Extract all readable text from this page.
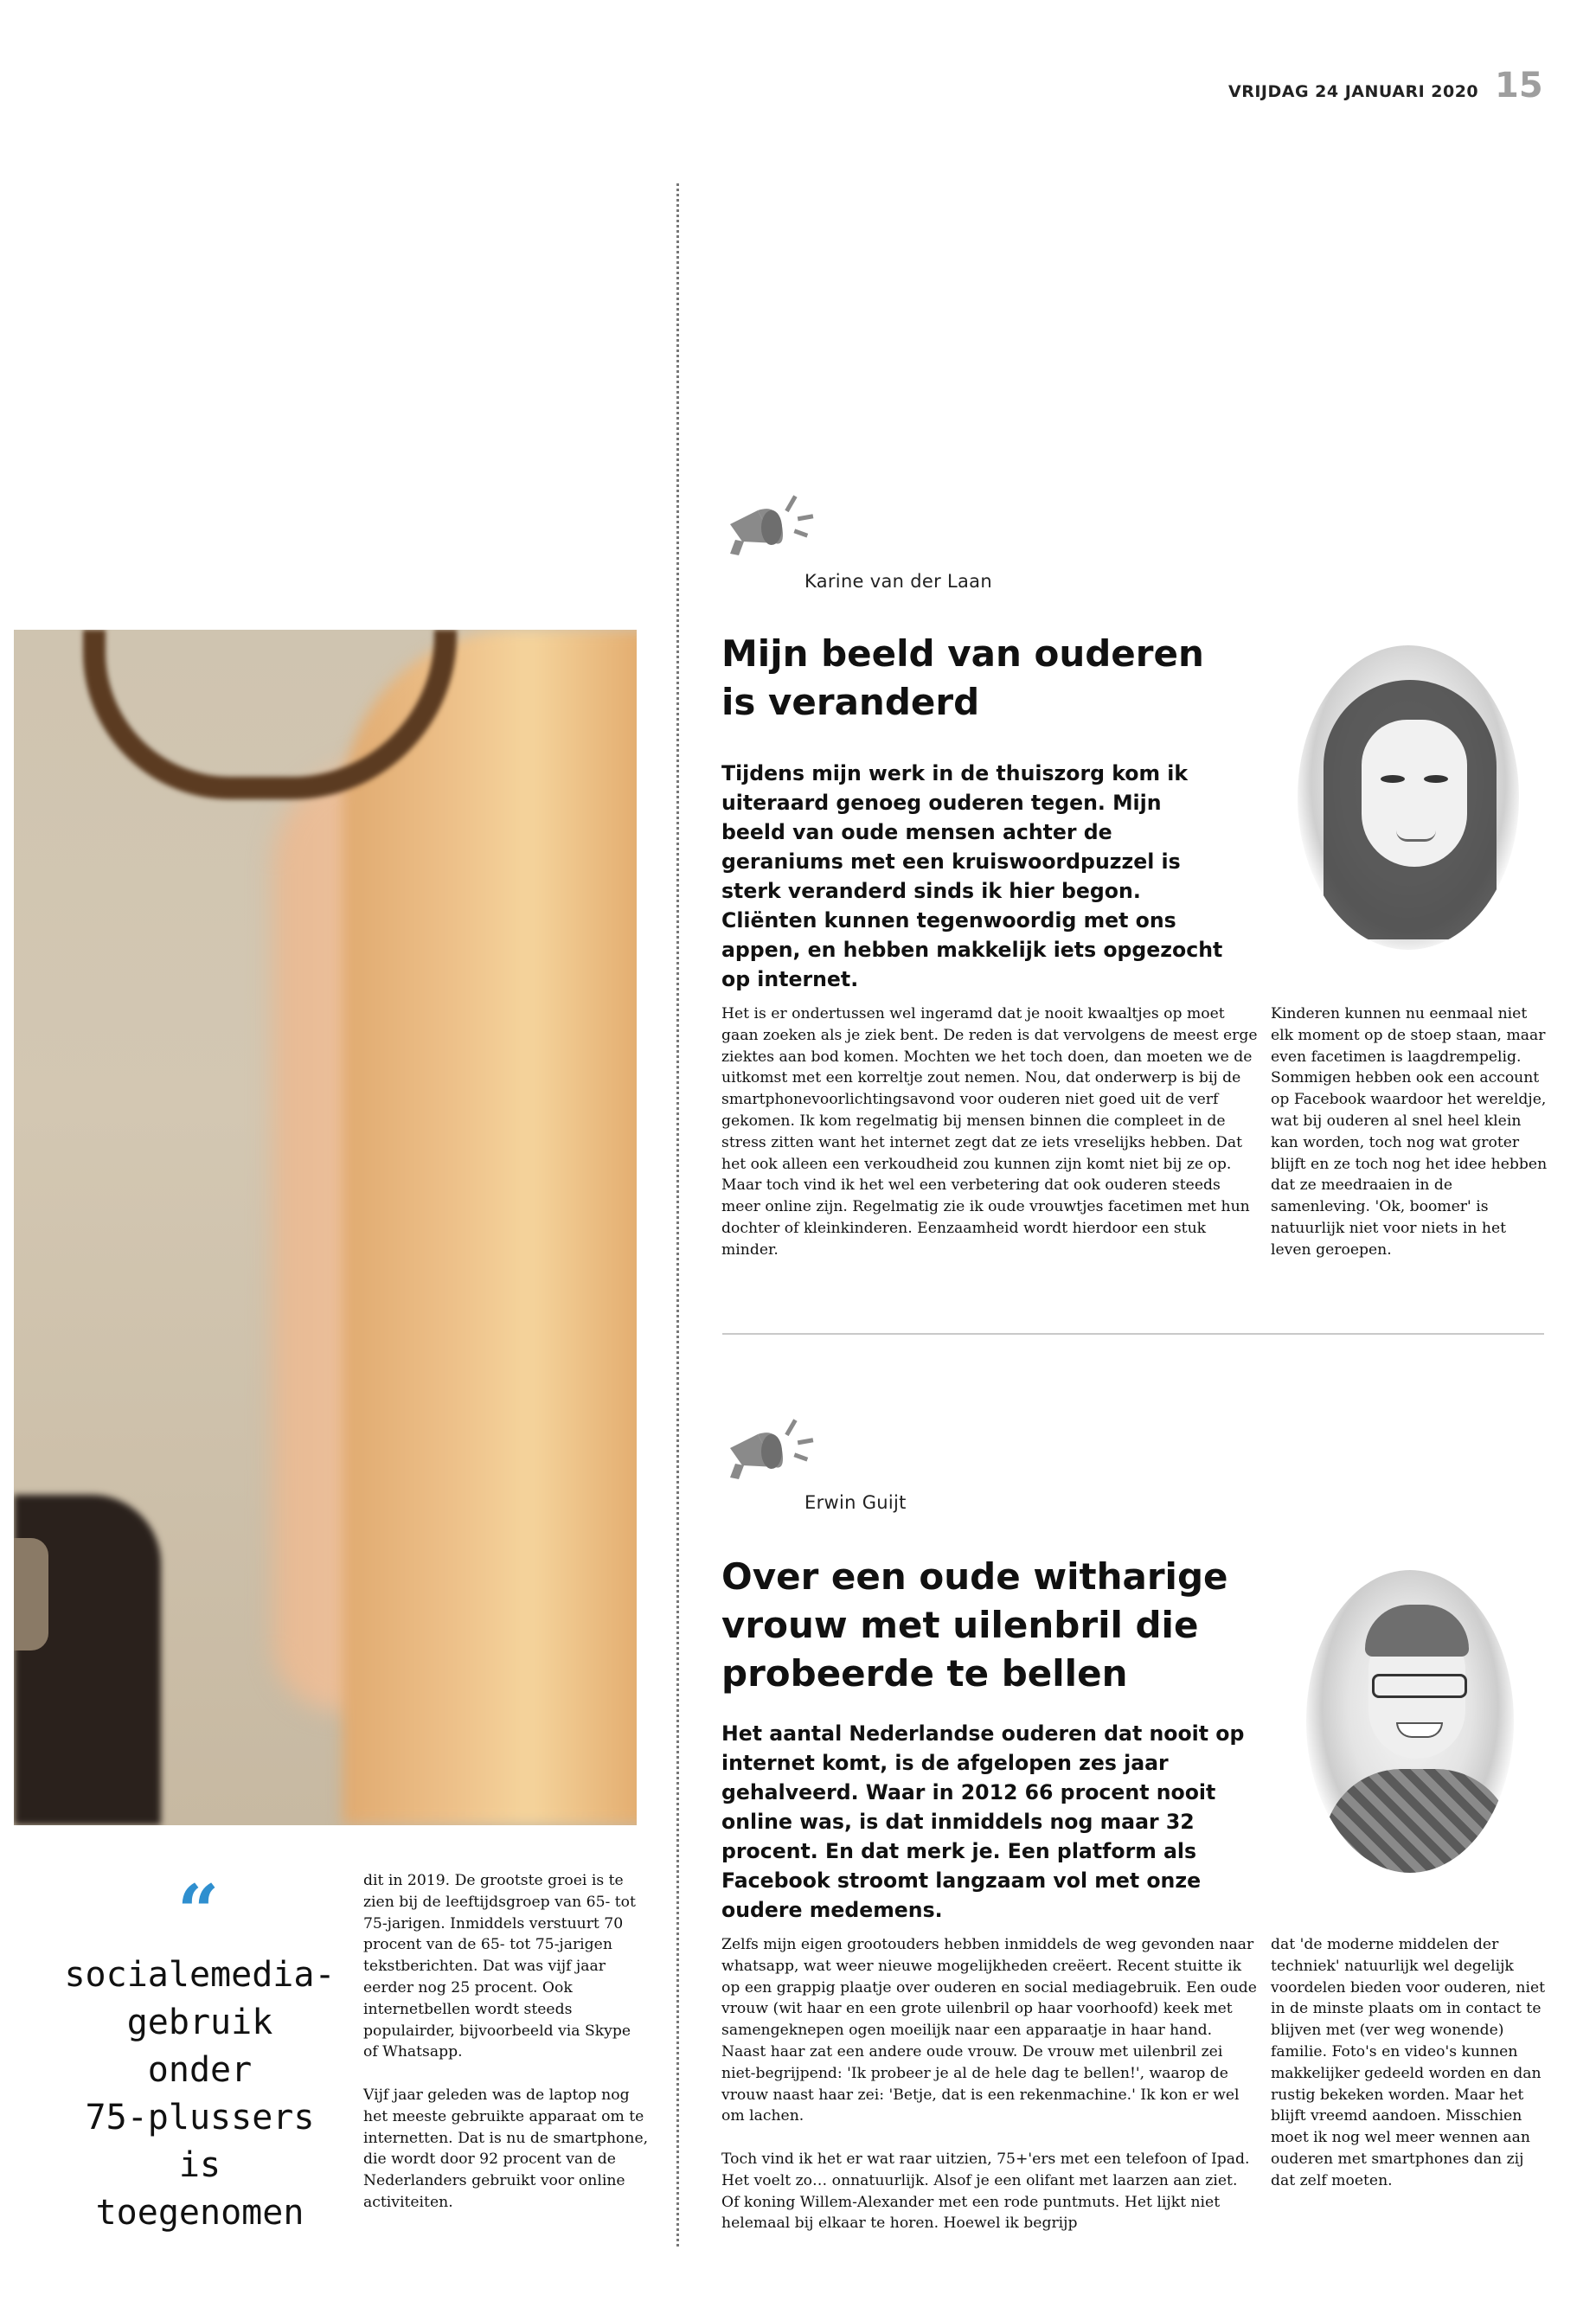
VRIJDAG 24 JANUARI 2020 15
“
socialemedia-
gebruik
onder
75-plussers
is
toegenomen

dit in 2019. De grootste groei is te zien bij de leeftijdsgroep van 65- tot 75-jarigen. Inmiddels verstuurt 70 procent van de 65- tot 75-jarigen tekstberichten. Dat was vijf jaar eerder nog 25 procent. Ook internetbellen wordt steeds populairder, bijvoorbeeld via Skype of Whatsapp.

Vijf jaar geleden was de laptop nog het meeste gebruikte apparaat om te internetten. Dat is nu de smartphone, die wordt door 92 procent van de Nederlanders gebruikt voor online activiteiten.

Karine van der Laan
Mijn beeld van ouderen is veranderd
Tijdens mijn werk in de thuiszorg kom ik uiteraard genoeg ouderen tegen. Mijn beeld van oude mensen achter de geraniums met een kruiswoordpuzzel is sterk veranderd sinds ik hier begon. Cliënten kunnen tegenwoordig met ons appen, en hebben makkelijk iets opgezocht op internet.

Het is er ondertussen wel ingeramd dat je nooit kwaaltjes op moet gaan zoeken als je ziek bent. De reden is dat vervolgens de meest erge ziektes aan bod komen. Mochten we het toch doen, dan moeten we de uitkomst met een korreltje zout nemen. Nou, dat onderwerp is bij de smartphonevoorlichtingsavond voor ouderen niet goed uit de verf gekomen. Ik kom regelmatig bij mensen binnen die compleet in de stress zitten want het internet zegt dat ze iets vreselijks hebben. Dat het ook alleen een verkoudheid zou kunnen zijn komt niet bij ze op. Maar toch vind ik het wel een verbetering dat ook ouderen steeds meer online zijn. Regelmatig zie ik oude vrouwtjes facetimen met hun dochter of kleinkinderen. Eenzaamheid wordt hierdoor een stuk minder.

Kinderen kunnen nu eenmaal niet elk moment op de stoep staan, maar even facetimen is laagdrempelig. Sommigen hebben ook een account op Facebook waardoor het wereldje, wat bij ouderen al snel heel klein kan worden, toch nog wat groter blijft en ze toch nog het idee hebben dat ze meedraaien in de samenleving. 'Ok, boomer' is natuurlijk niet voor niets in het leven geroepen.

Erwin Guijt
Over een oude witharige vrouw met uilenbril die probeerde te bellen
Het aantal Nederlandse ouderen dat nooit op internet komt, is de afgelopen zes jaar gehalveerd. Waar in 2012 66 procent nooit online was, is dat inmiddels nog maar 32 procent. En dat merk je. Een platform als Facebook stroomt langzaam vol met onze oudere medemens.

Zelfs mijn eigen grootouders hebben inmiddels de weg gevonden naar whatsapp, wat weer nieuwe mogelijkheden creëert. Recent stuitte ik op een grappig plaatje over ouderen en social mediagebruik. Een oude vrouw (wit haar en een grote uilenbril op haar voorhoofd) keek met samengeknepen ogen moeilijk naar een apparaatje in haar hand. Naast haar zat een andere oude vrouw. De vrouw met uilenbril zei niet-begrijpend: 'Ik probeer je al de hele dag te bellen!', waarop de vrouw naast haar zei: 'Betje, dat is een rekenmachine.' Ik kon er wel om lachen.

Toch vind ik het er wat raar uitzien, 75+'ers met een telefoon of Ipad. Het voelt zo… onnatuurlijk. Alsof je een olifant met laarzen aan ziet. Of koning Willem-Alexander met een rode puntmuts. Het lijkt niet helemaal bij elkaar te horen. Hoewel ik begrijp

dat 'de moderne middelen der techniek' natuurlijk wel degelijk voordelen bieden voor ouderen, niet in de minste plaats om in contact te blijven met (ver weg wonende) familie. Foto's en video's kunnen makkelijker gedeeld worden en dan rustig bekeken worden. Maar het blijft vreemd aandoen. Misschien moet ik nog wel meer wennen aan ouderen met smartphones dan zij dat zelf moeten.
